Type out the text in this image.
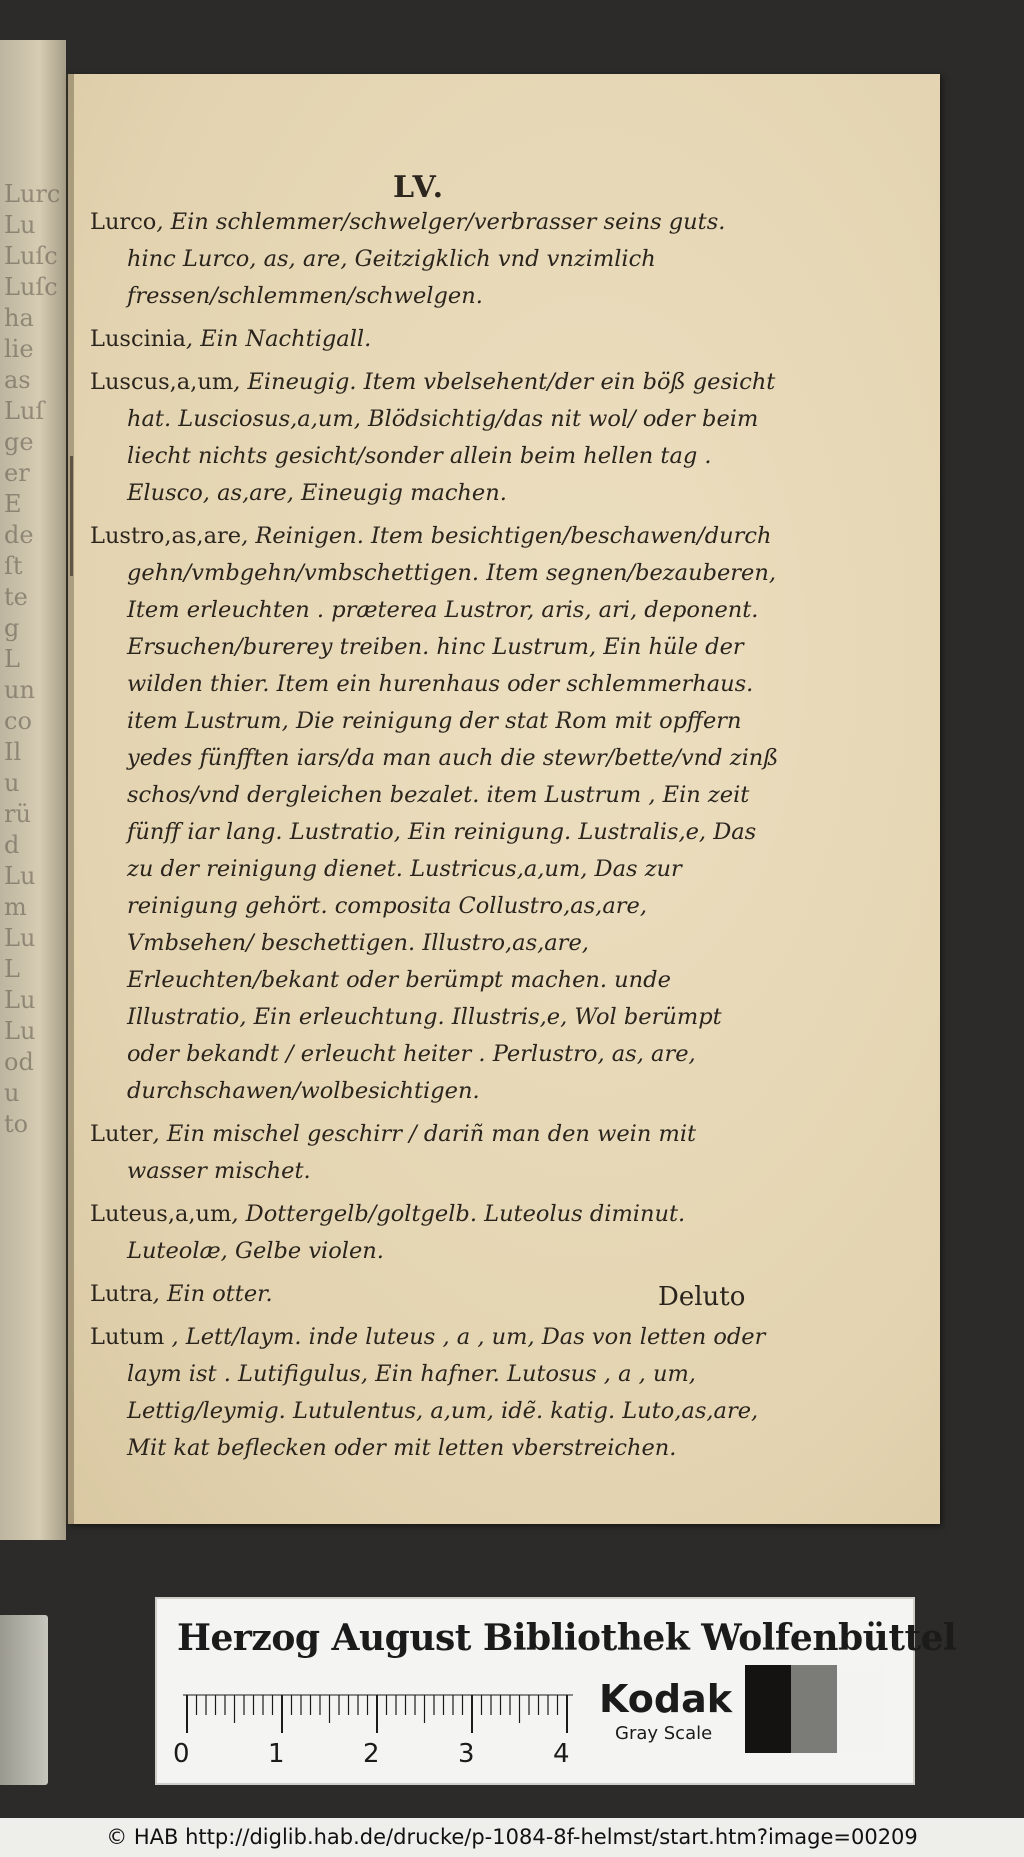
Lurc
Lu
Luſc
Luſc
ha
lie
as
Luſ
ge
er
E
de
ſt
te
g
L
un
co
Il
u
rü
d
Lu
m
Lu
L
Lu
Lu
od
u
to
LV.

Lurco, Ein schlemmer/schwelger/verbrasser seins guts. hinc Lurco, as, are, Geitzigklich vnd vnzimlich fressen/schlemmen/schwelgen.

Luscinia, Ein Nachtigall.

Luscus,a,um, Eineugig. Item vbelsehent/der ein böß gesicht hat. Lusciosus,a,um, Blödsichtig/das nit wol/ oder beim liecht nichts gesicht/sonder allein beim hellen tag . Elusco, as,are, Eineugig machen.

Lustro,as,are, Reinigen. Item besichtigen/beschawen/durch gehn/vmbgehn/vmbschettigen. Item segnen/bezauberen, Item erleuchten . præterea Lustror, aris, ari, deponent. Ersuchen/burerey treiben. hinc Lustrum, Ein hüle der wilden thier. Item ein hurenhaus oder schlemmerhaus. item Lustrum, Die reinigung der stat Rom mit opffern yedes fünfften iars/da man auch die stewr/bette/vnd zinß schos/vnd dergleichen bezalet. item Lustrum , Ein zeit fünff iar lang. Lustratio, Ein reinigung. Lustralis,e, Das zu der reinigung dienet. Lustricus,a,um, Das zur reinigung gehört. composita Collustro,as,are, Vmbsehen/ beschettigen. Illustro,as,are, Erleuchten/bekant oder berümpt machen. unde Illustratio, Ein erleuchtung. Illustris,e, Wol berümpt oder bekandt / erleucht heiter . Perlustro, as, are, durchschawen/wolbesichtigen.

Luter, Ein mischel geschirr / dariñ man den wein mit wasser mischet.

Luteus,a,um, Dottergelb/goltgelb. Luteolus diminut. Luteolæ, Gelbe violen.

Lutra, Ein otter.

Lutum , Lett/laym. inde luteus , a , um, Das von letten oder laym ist . Lutifigulus, Ein hafner. Lutosus , a , um, Lettig/leymig. Lutulentus, a,um, idẽ. katig. Luto,as,are, Mit kat beflecken oder mit letten vberstreichen.

Deluto
Herzog August Bibliothek Wolfenbüttel
0	1	2	3	4
Kodak
Gray Scale
© HAB http://diglib.hab.de/drucke/p-1084-8f-helmst/start.htm?image=00209
